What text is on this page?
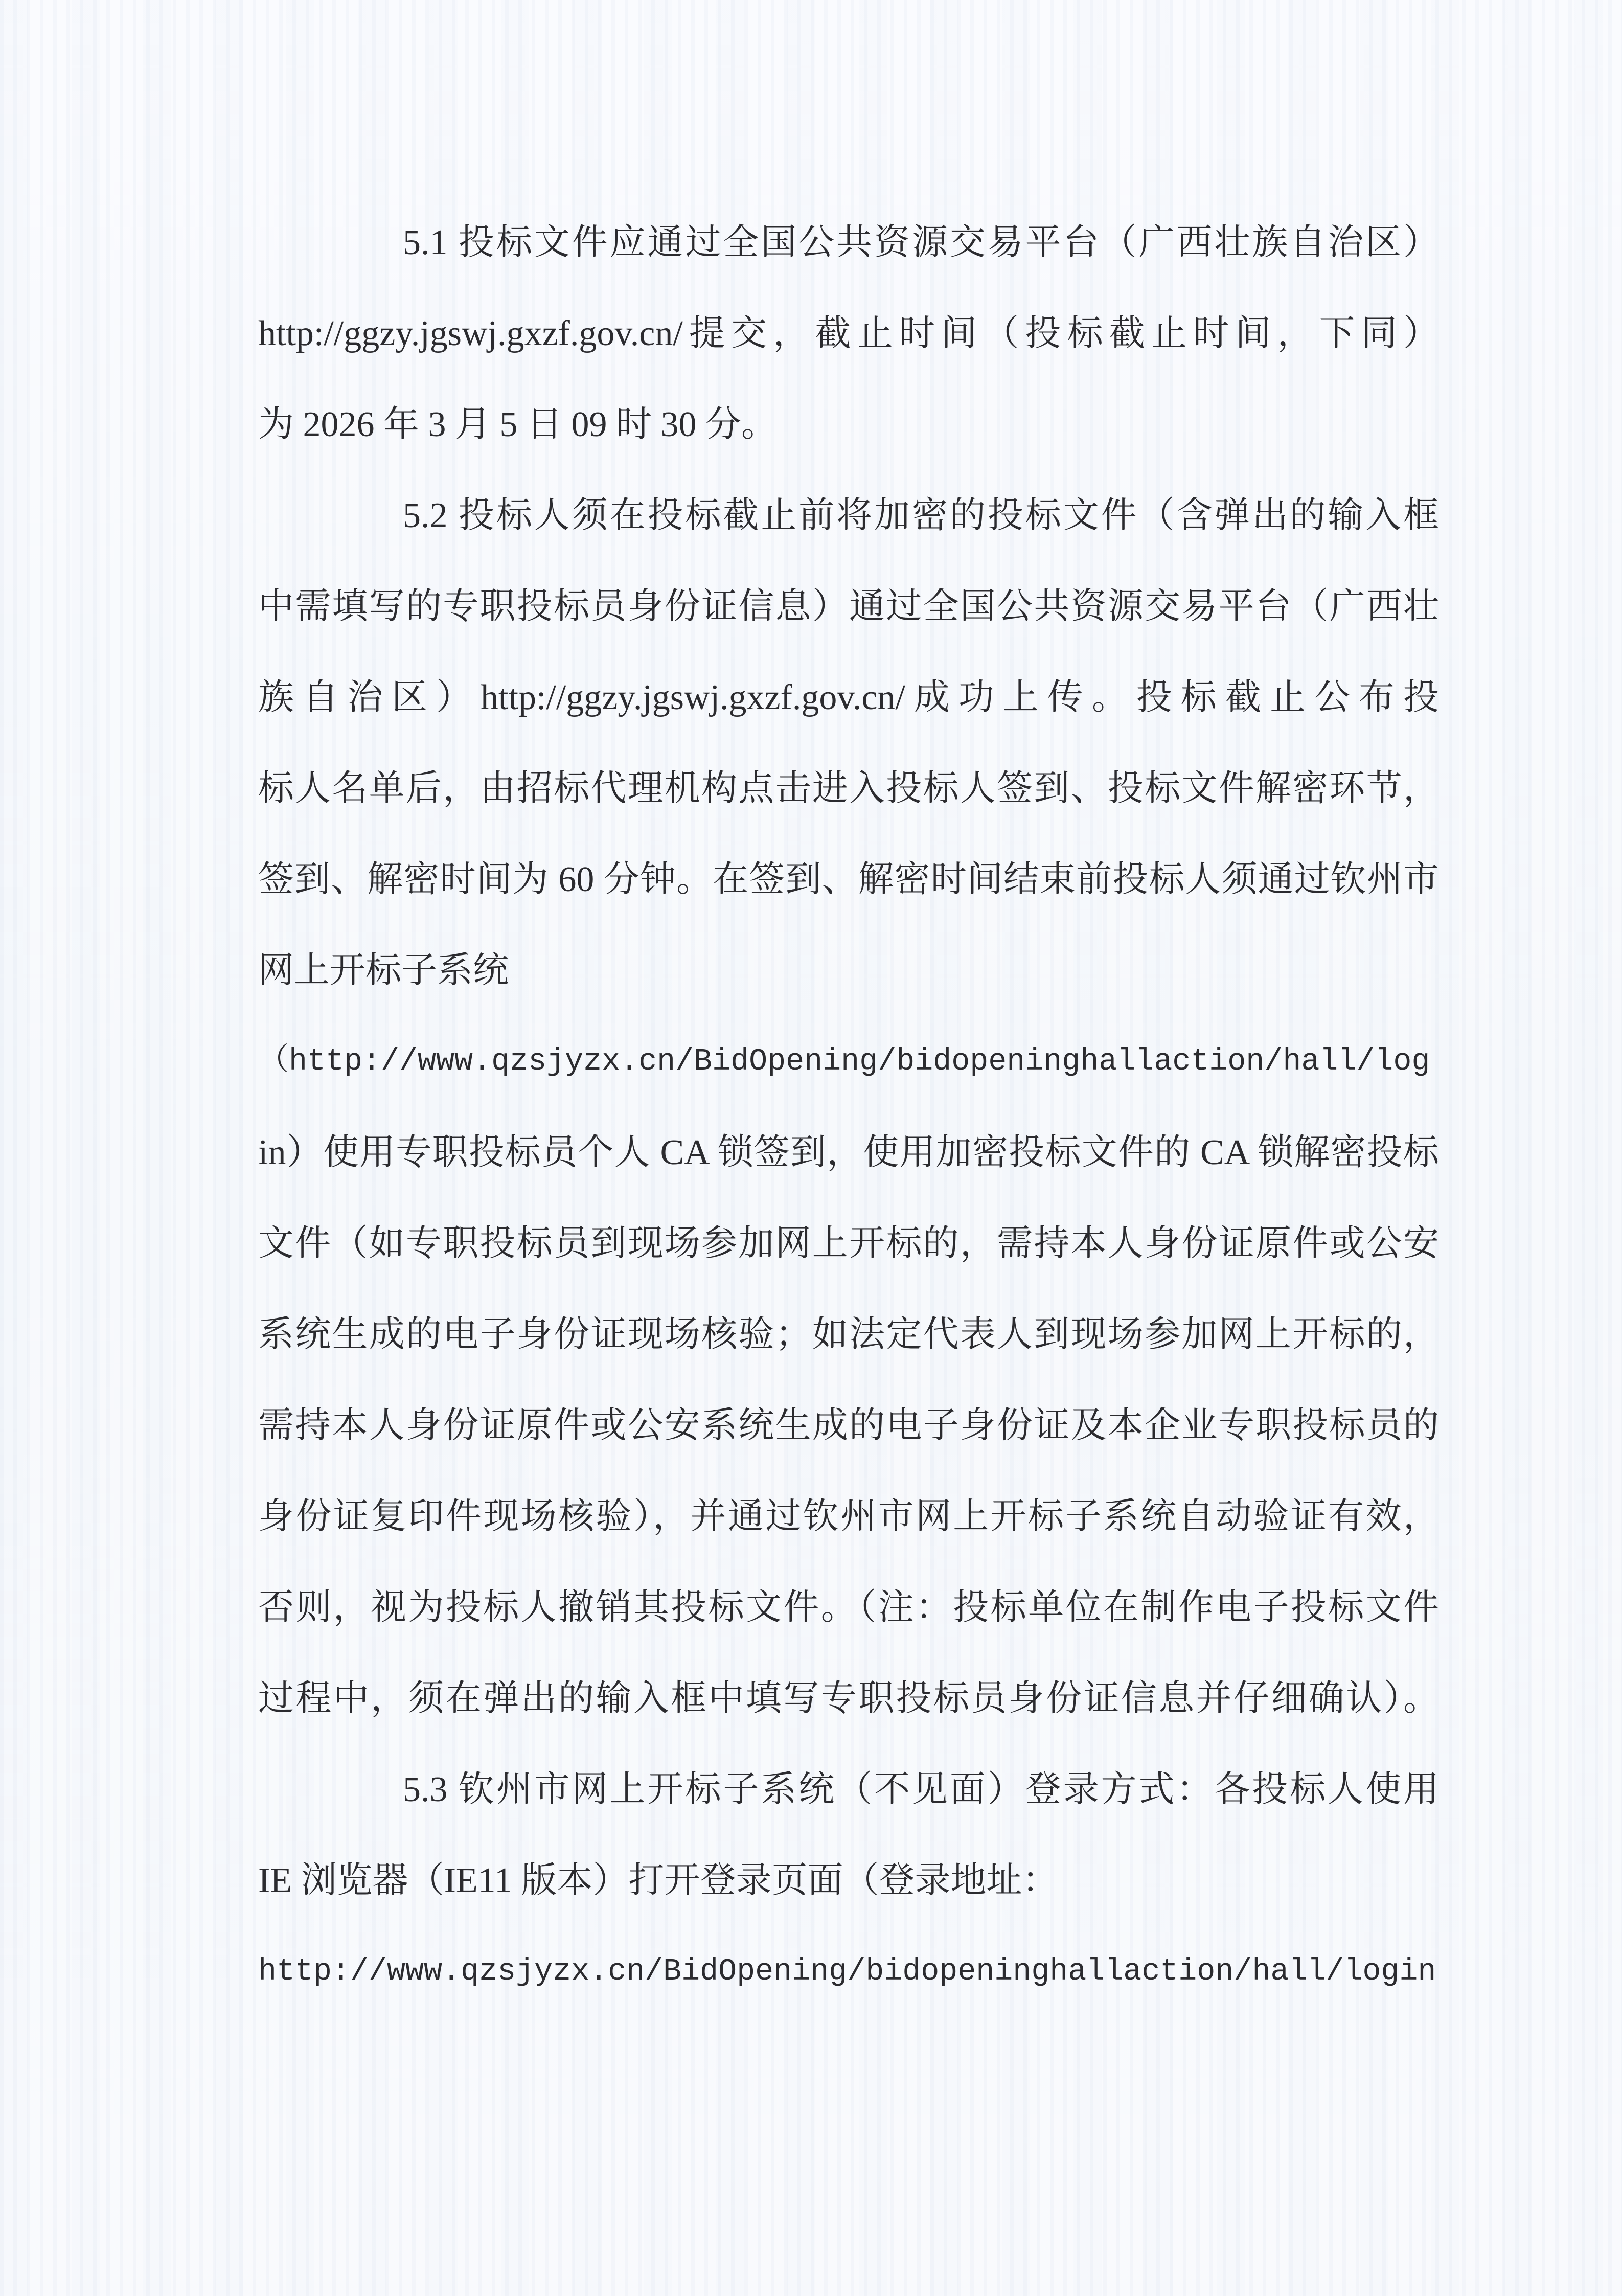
5.1 投标文件应通过全国公共资源交易平台（广西壮族自治区）
http://ggzy.jgswj.gxzf.gov.cn/提交，截止时间（投标截止时间，下同）
为 2026 年 3 月 5 日 09 时 30 分。
5.2 投标人须在投标截止前将加密的投标文件（含弹出的输入框
中需填写的专职投标员身份证信息）通过全国公共资源交易平台（广西壮
族自治区）http://ggzy.jgswj.gxzf.gov.cn/成功上传。投标截止公布投
标人名单后，由招标代理机构点击进入投标人签到、投标文件解密环节，
签到、解密时间为 60 分钟。在签到、解密时间结束前投标人须通过钦州市
网上开标子系统
（http://www.qzsjyzx.cn/BidOpening/bidopeninghallaction/hall/log
in）使用专职投标员个人 CA 锁签到，使用加密投标文件的 CA 锁解密投标
文件（如专职投标员到现场参加网上开标的，需持本人身份证原件或公安
系统生成的电子身份证现场核验；如法定代表人到现场参加网上开标的，
需持本人身份证原件或公安系统生成的电子身份证及本企业专职投标员的
身份证复印件现场核验），并通过钦州市网上开标子系统自动验证有效，
否则，视为投标人撤销其投标文件。（注：投标单位在制作电子投标文件
过程中，须在弹出的输入框中填写专职投标员身份证信息并仔细确认）。
5.3 钦州市网上开标子系统（不见面）登录方式：各投标人使用
IE 浏览器（IE11 版本）打开登录页面（登录地址：
http://www.qzsjyzx.cn/BidOpening/bidopeninghallaction/hall/login
